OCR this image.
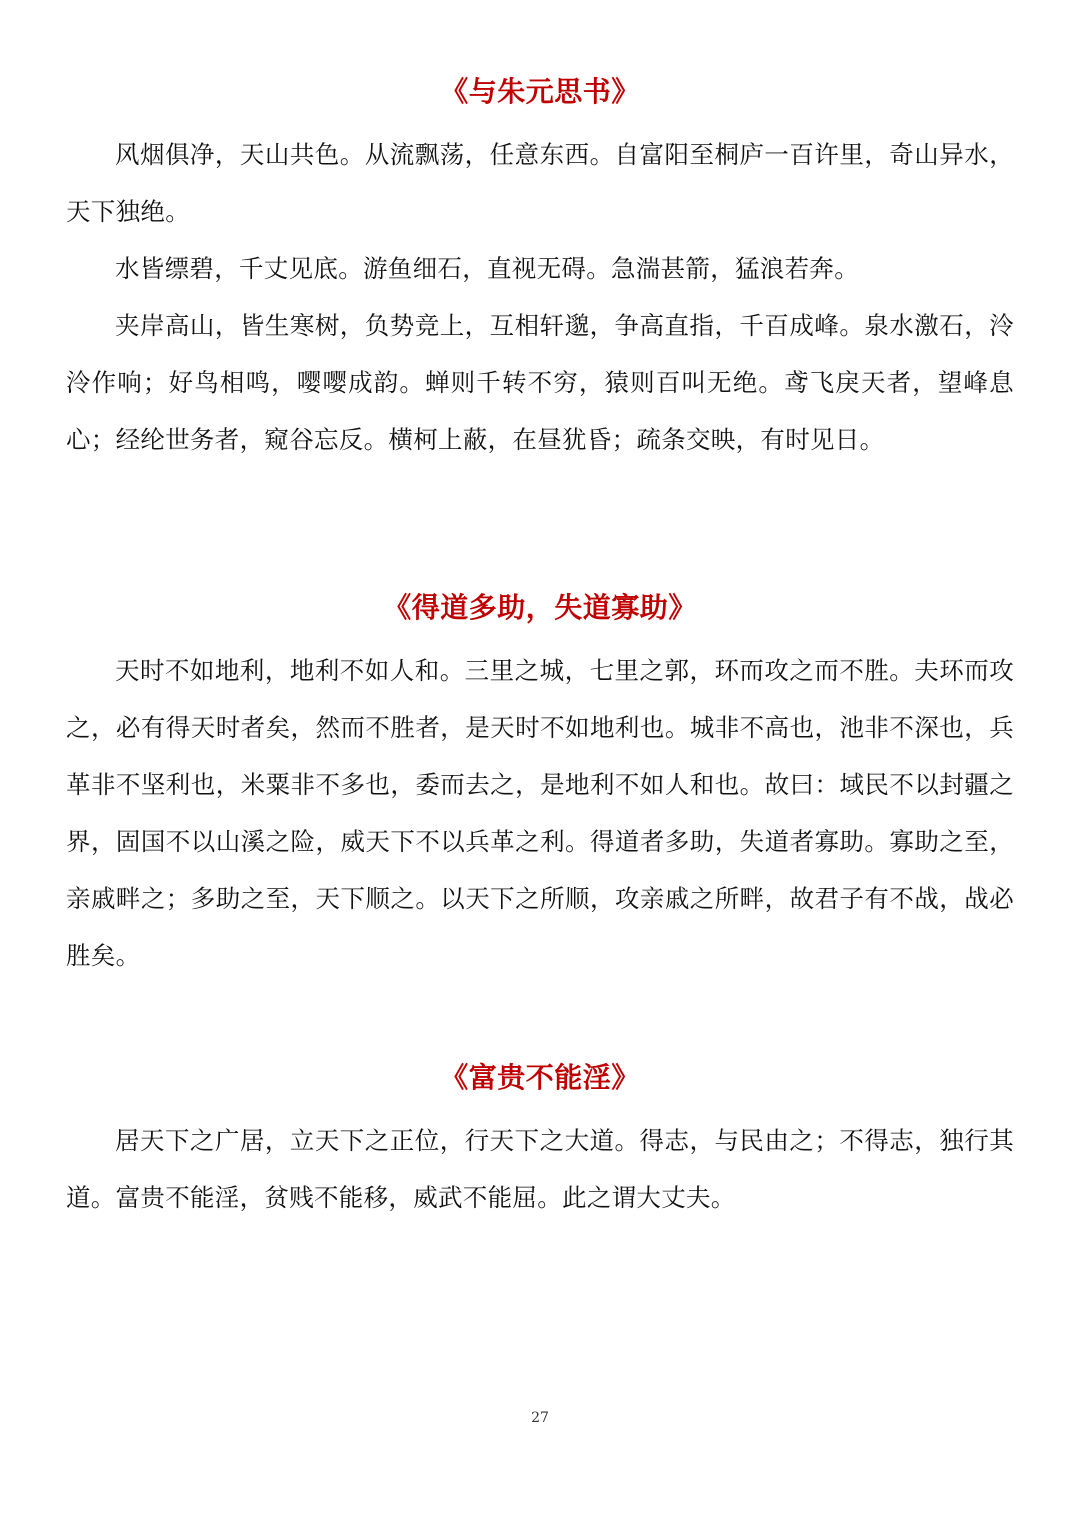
《与朱元思书》

风烟俱净，天山共色。从流飘荡，任意东西。自富阳至桐庐一百许里，奇山异水，天下独绝。

水皆缥碧，千丈见底。游鱼细石，直视无碍。急湍甚箭，猛浪若奔。

夹岸高山，皆生寒树，负势竞上，互相轩邈，争高直指，千百成峰。泉水激石，泠泠作响；好鸟相鸣，嘤嘤成韵。蝉则千转不穷，猿则百叫无绝。鸢飞戾天者，望峰息心；经纶世务者，窥谷忘反。横柯上蔽，在昼犹昏；疏条交映，有时见日。

《得道多助，失道寡助》

天时不如地利，地利不如人和。三里之城，七里之郭，环而攻之而不胜。夫环而攻之，必有得天时者矣，然而不胜者，是天时不如地利也。城非不高也，池非不深也，兵革非不坚利也，米粟非不多也，委而去之，是地利不如人和也。故曰：域民不以封疆之界，固国不以山溪之险，威天下不以兵革之利。得道者多助，失道者寡助。寡助之至，亲戚畔之；多助之至，天下顺之。以天下之所顺，攻亲戚之所畔，故君子有不战，战必胜矣。

《富贵不能淫》

居天下之广居，立天下之正位，行天下之大道。得志，与民由之；不得志，独行其道。富贵不能淫，贫贱不能移，威武不能屈。此之谓大丈夫。

27
